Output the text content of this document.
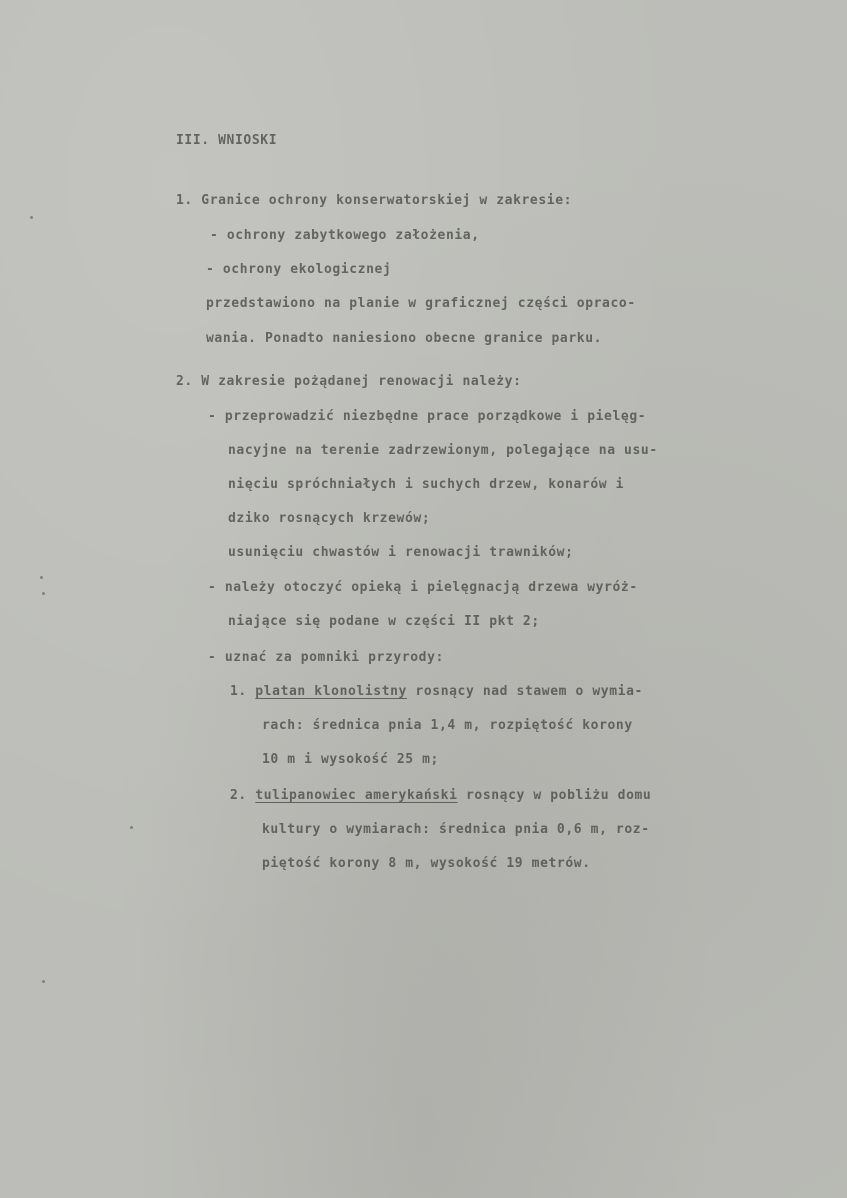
III. WNIOSKI
1. Granice ochrony konserwatorskiej w zakresie:
- ochrony zabytkowego założenia,
- ochrony ekologicznej
przedstawiono na planie w graficznej części opraco-
wania. Ponadto naniesiono obecne granice parku.
2. W zakresie pożądanej renowacji należy:
- przeprowadzić niezbędne prace porządkowe i pielęg-
nacyjne na terenie zadrzewionym, polegające na usu-
nięciu spróchniałych i suchych drzew, konarów i
dziko rosnących krzewów;
usunięciu chwastów i renowacji trawników;
- należy otoczyć opieką i pielęgnacją drzewa wyróż-
niające się podane w części II pkt 2;
- uznać za pomniki przyrody:
1. platan klonolistny rosnący nad stawem o wymia-
rach: średnica pnia 1,4 m, rozpiętość korony
10 m i wysokość 25 m;
2. tulipanowiec amerykański rosnący w pobliżu domu
kultury o wymiarach: średnica pnia 0,6 m, roz-
piętość korony 8 m, wysokość 19 metrów.
